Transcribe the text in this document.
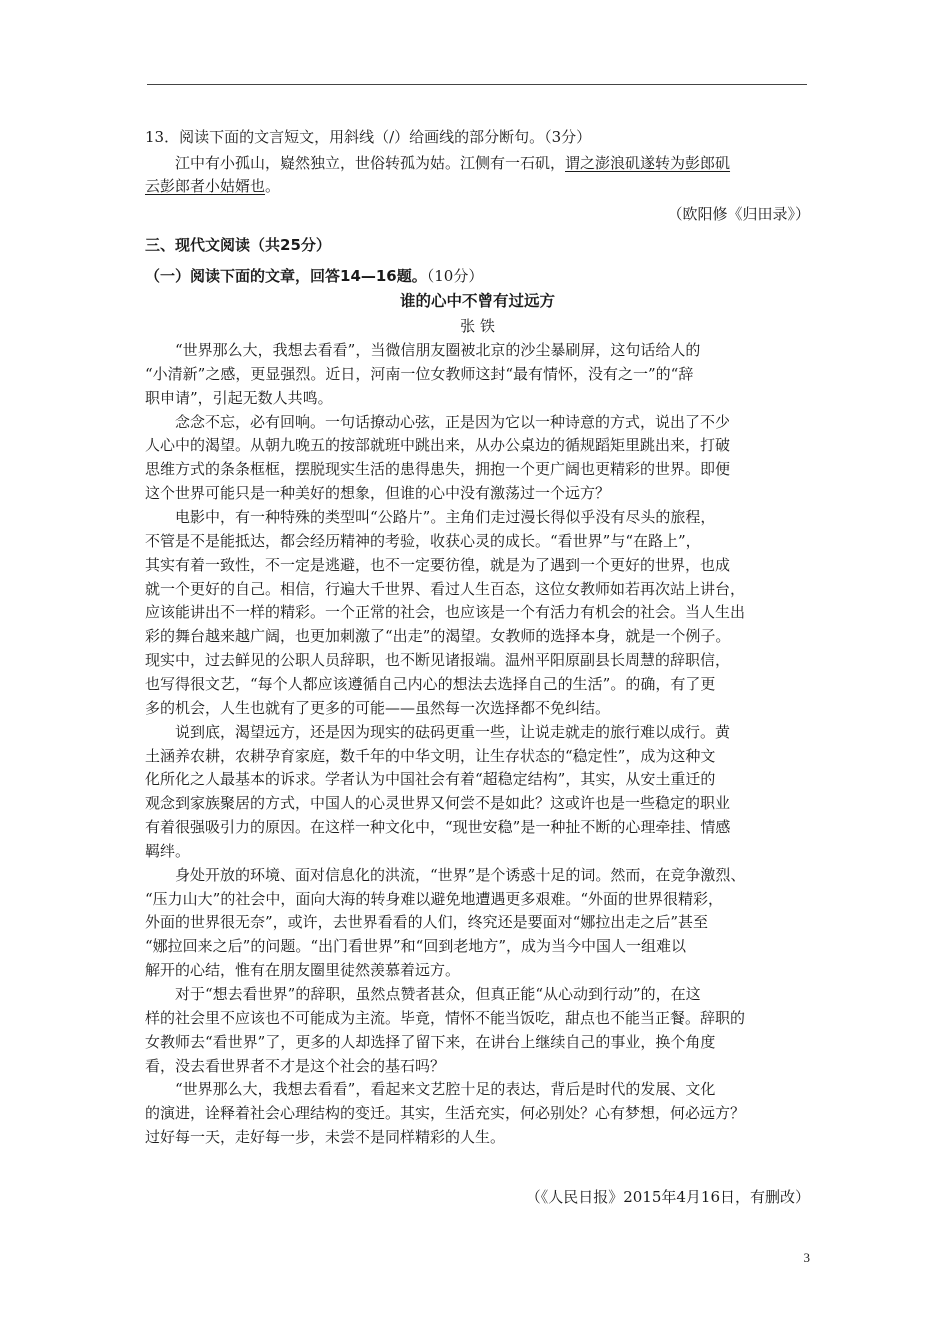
13．阅读下面的文言短文，用斜线（/）给画线的部分断句。（3分）

江中有小孤山，嶷然独立，世俗转孤为姑。江侧有一石矶，谓之澎浪矶遂转为彭郎矶

云彭郎者小姑婿也。

（欧阳修《归田录》）

三、现代文阅读（共25分）

（一）阅读下面的文章，回答14—16题。（10分）

谁的心中不曾有过远方

张 铁

“世界那么大，我想去看看”，当微信朋友圈被北京的沙尘暴刷屏，这句话给人的

“小清新”之感，更显强烈。近日，河南一位女教师这封“最有情怀，没有之一”的“辞

职申请”，引起无数人共鸣。

念念不忘，必有回响。一句话撩动心弦，正是因为它以一种诗意的方式，说出了不少

人心中的渴望。从朝九晚五的按部就班中跳出来，从办公桌边的循规蹈矩里跳出来，打破

思维方式的条条框框，摆脱现实生活的患得患失，拥抱一个更广阔也更精彩的世界。即便

这个世界可能只是一种美好的想象，但谁的心中没有激荡过一个远方？

电影中，有一种特殊的类型叫“公路片”。主角们走过漫长得似乎没有尽头的旅程，

不管是不是能抵达，都会经历精神的考验，收获心灵的成长。“看世界”与“在路上”，

其实有着一致性，不一定是逃避，也不一定要彷徨，就是为了遇到一个更好的世界，也成

就一个更好的自己。相信，行遍大千世界、看过人生百态，这位女教师如若再次站上讲台，

应该能讲出不一样的精彩。一个正常的社会，也应该是一个有活力有机会的社会。当人生出

彩的舞台越来越广阔，也更加刺激了“出走”的渴望。女教师的选择本身，就是一个例子。

现实中，过去鲜见的公职人员辞职，也不断见诸报端。温州平阳原副县长周慧的辞职信，

也写得很文艺，“每个人都应该遵循自己内心的想法去选择自己的生活”。的确，有了更

多的机会，人生也就有了更多的可能——虽然每一次选择都不免纠结。

说到底，渴望远方，还是因为现实的砝码更重一些，让说走就走的旅行难以成行。黄

土涵养农耕，农耕孕育家庭，数千年的中华文明，让生存状态的“稳定性”，成为这种文

化所化之人最基本的诉求。学者认为中国社会有着“超稳定结构”，其实，从安土重迁的

观念到家族聚居的方式，中国人的心灵世界又何尝不是如此？这或许也是一些稳定的职业

有着很强吸引力的原因。在这样一种文化中，“现世安稳”是一种扯不断的心理牵挂、情感

羁绊。

身处开放的环境、面对信息化的洪流，“世界”是个诱惑十足的词。然而，在竞争激烈、

“压力山大”的社会中，面向大海的转身难以避免地遭遇更多艰难。“外面的世界很精彩，

外面的世界很无奈”，或许，去世界看看的人们，终究还是要面对“娜拉出走之后”甚至

“娜拉回来之后”的问题。“出门看世界”和“回到老地方”，成为当今中国人一组难以

解开的心结，惟有在朋友圈里徒然羡慕着远方。

对于“想去看世界”的辞职，虽然点赞者甚众，但真正能“从心动到行动”的，在这

样的社会里不应该也不可能成为主流。毕竟，情怀不能当饭吃，甜点也不能当正餐。辞职的

女教师去“看世界”了，更多的人却选择了留下来，在讲台上继续自己的事业，换个角度

看，没去看世界者不才是这个社会的基石吗？

“世界那么大，我想去看看”，看起来文艺腔十足的表达，背后是时代的发展、文化

的演进，诠释着社会心理结构的变迁。其实，生活充实，何必别处？心有梦想，何必远方？

过好每一天，走好每一步，未尝不是同样精彩的人生。

（《人民日报》2015年4月16日，有删改）

3
